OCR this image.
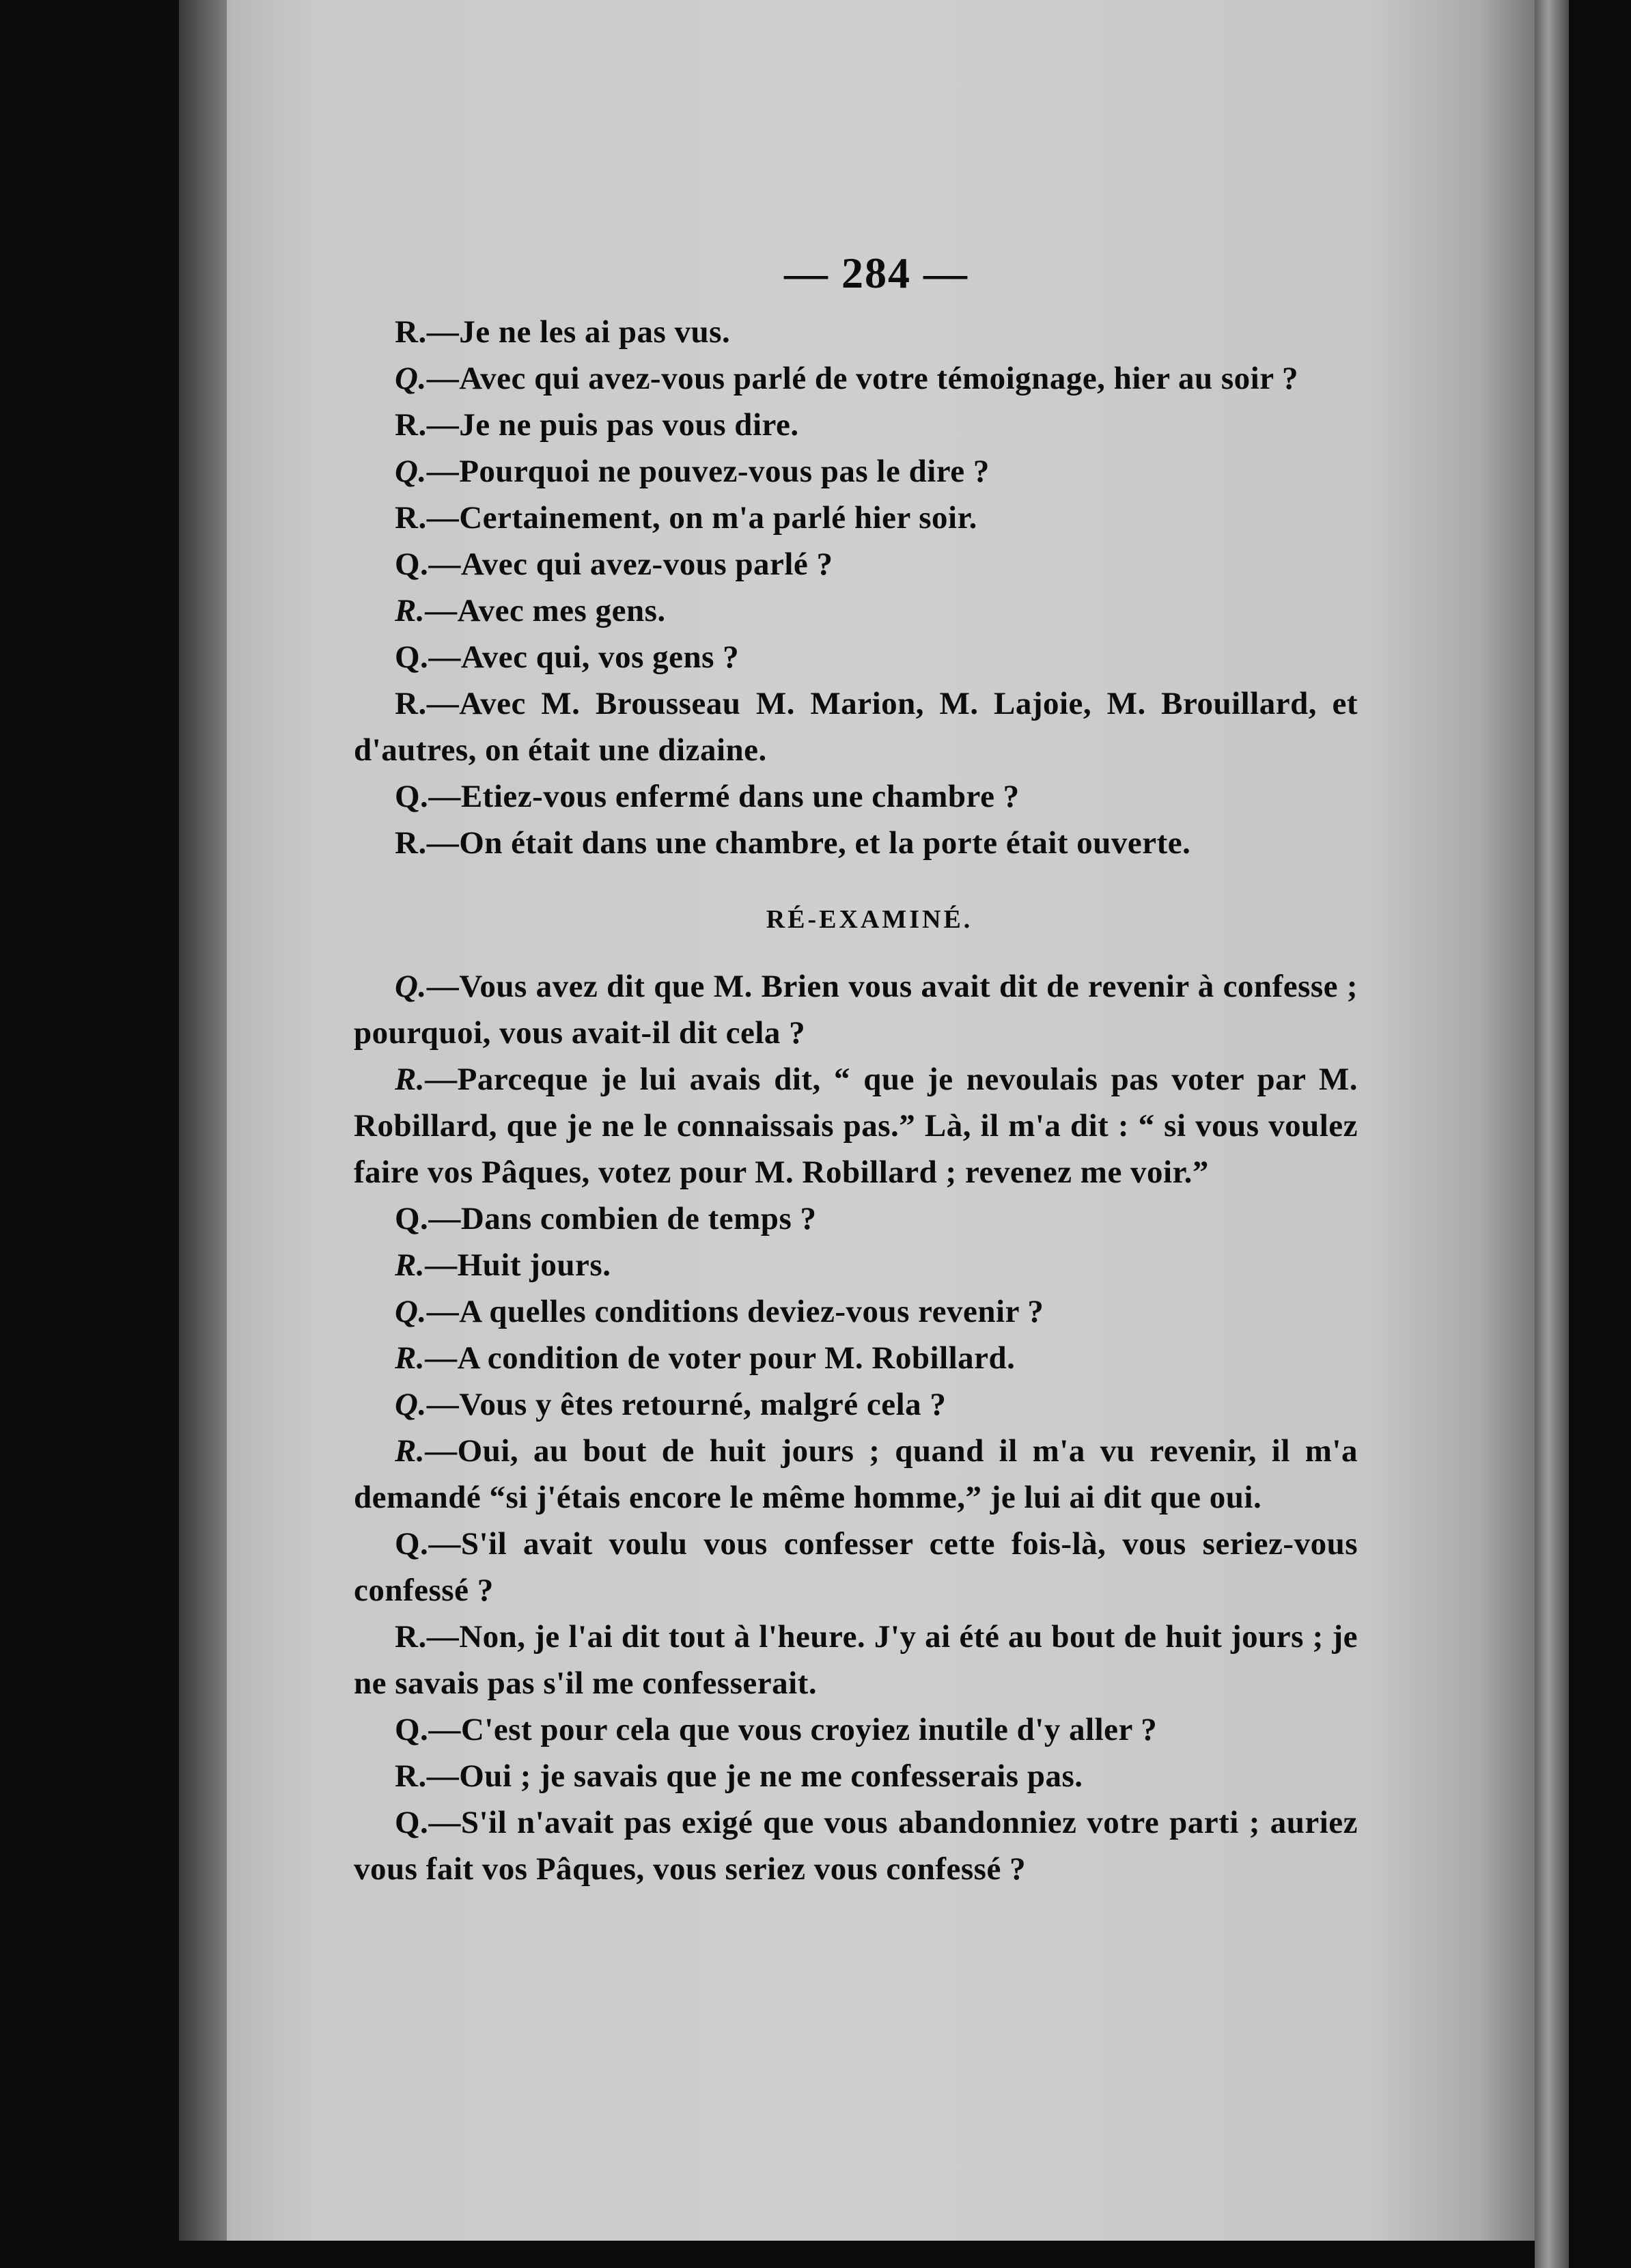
— 284 —

R.—Je ne les ai pas vus.

Q.—Avec qui avez-vous parlé de votre témoignage, hier au soir ?

R.—Je ne puis pas vous dire.

Q.—Pourquoi ne pouvez-vous pas le dire ?

R.—Certainement, on m'a parlé hier soir.

Q.—Avec qui avez-vous parlé ?

R.—Avec mes gens.

Q.—Avec qui, vos gens ?

R.—Avec M. Brousseau M. Marion, M. Lajoie, M. Brouillard, et d'autres, on était une dizaine.

Q.—Etiez-vous enfermé dans une chambre ?

R.—On était dans une chambre, et la porte était ouverte.

RÉ-EXAMINÉ.

Q.—Vous avez dit que M. Brien vous avait dit de revenir à confesse ; pourquoi, vous avait-il dit cela ?

R.—Parceque je lui avais dit, “ que je nevoulais pas voter par M. Robillard, que je ne le connaissais pas.” Là, il m'a dit : “ si vous voulez faire vos Pâques, votez pour M. Robillard ; revenez me voir.”

Q.—Dans combien de temps ?

R.—Huit jours.

Q.—A quelles conditions deviez-vous revenir ?

R.—A condition de voter pour M. Robillard.

Q.—Vous y êtes retourné, malgré cela ?

R.—Oui, au bout de huit jours ; quand il m'a vu revenir, il m'a demandé “si j'étais encore le même homme,” je lui ai dit que oui.

Q.—S'il avait voulu vous confesser cette fois-là, vous seriez-vous confessé ?

R.—Non, je l'ai dit tout à l'heure. J'y ai été au bout de huit jours ; je ne savais pas s'il me confesserait.

Q.—C'est pour cela que vous croyiez inutile d'y aller ?

R.—Oui ; je savais que je ne me confesserais pas.

Q.—S'il n'avait pas exigé que vous abandonniez votre parti ; auriez vous fait vos Pâques, vous seriez vous confessé ?
